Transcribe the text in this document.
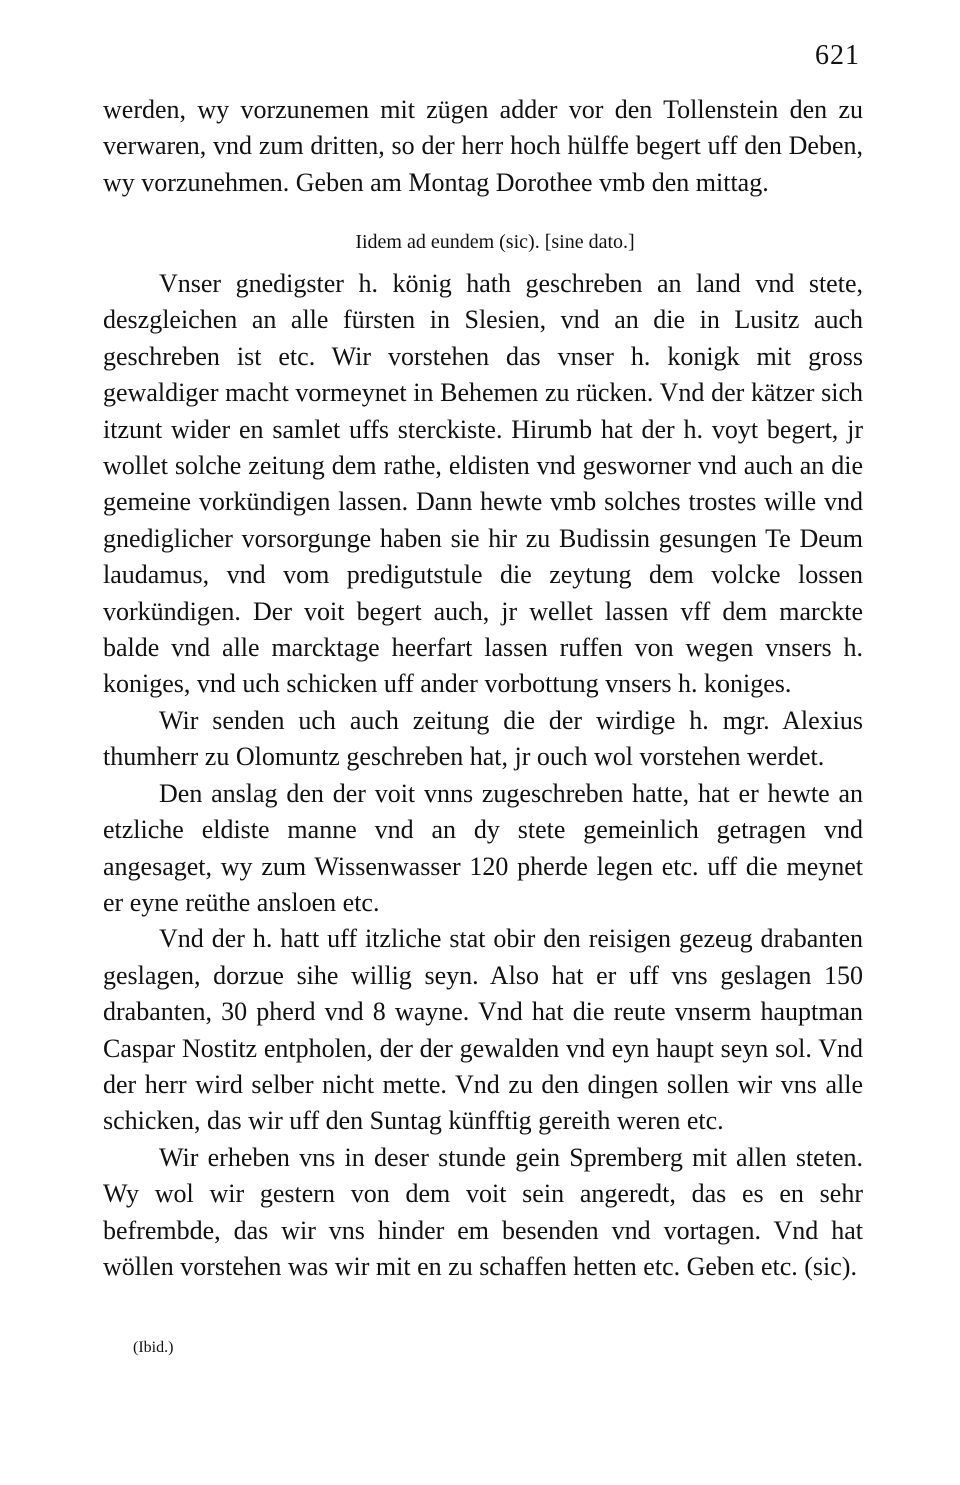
621

werden, wy vorzunemen mit zügen adder vor den Tollenstein den zu verwaren, vnd zum dritten, so der herr hoch hülffe begert uff den Deben, wy vorzunehmen. Geben am Montag Dorothee vmb den mittag.

Iidem ad eundem (sic). [sine dato.]

Vnser gnedigster h. könig hath geschreben an land vnd stete, deszgleichen an alle fürsten in Slesien, vnd an die in Lusitz auch geschreben ist etc. Wir vorstehen das vnser h. konigk mit gross gewaldiger macht vormeynet in Behemen zu rücken. Vnd der kätzer sich itzunt wider en samlet uffs sterckiste. Hirumb hat der h. voyt begert, jr wollet solche zeitung dem rathe, eldisten vnd gesworner vnd auch an die gemeine vorkündigen lassen. Dann hewte vmb solches trostes wille vnd gnediglicher vorsorgunge haben sie hir zu Budissin gesungen Te Deum laudamus, vnd vom predigutstule die zeytung dem volcke lossen vorkündigen. Der voit begert auch, jr wellet lassen vff dem marckte balde vnd alle marcktage heerfart lassen ruffen von wegen vnsers h. koniges, vnd uch schicken uff ander vorbottung vnsers h. koniges.

Wir senden uch auch zeitung die der wirdige h. mgr. Alexius thumherr zu Olomuntz geschreben hat, jr ouch wol vorstehen werdet.

Den anslag den der voit vnns zugeschreben hatte, hat er hewte an etzliche eldiste manne vnd an dy stete gemeinlich getragen vnd angesaget, wy zum Wissenwasser 120 pherde legen etc. uff die meynet er eyne reüthe ansloen etc.

Vnd der h. hatt uff itzliche stat obir den reisigen gezeug drabanten geslagen, dorzue sihe willig seyn. Also hat er uff vns geslagen 150 drabanten, 30 pherd vnd 8 wayne. Vnd hat die reute vnserm hauptman Caspar Nostitz entpholen, der der gewalden vnd eyn haupt seyn sol. Vnd der herr wird selber nicht mette. Vnd zu den dingen sollen wir vns alle schicken, das wir uff den Suntag künfftig gereith weren etc.

Wir erheben vns in deser stunde gein Spremberg mit allen steten. Wy wol wir gestern von dem voit sein angeredt, das es en sehr befrembde, das wir vns hinder em besenden vnd vortagen. Vnd hat wöllen vorstehen was wir mit en zu schaffen hetten etc. Geben etc. (sic).

(Ibid.)
